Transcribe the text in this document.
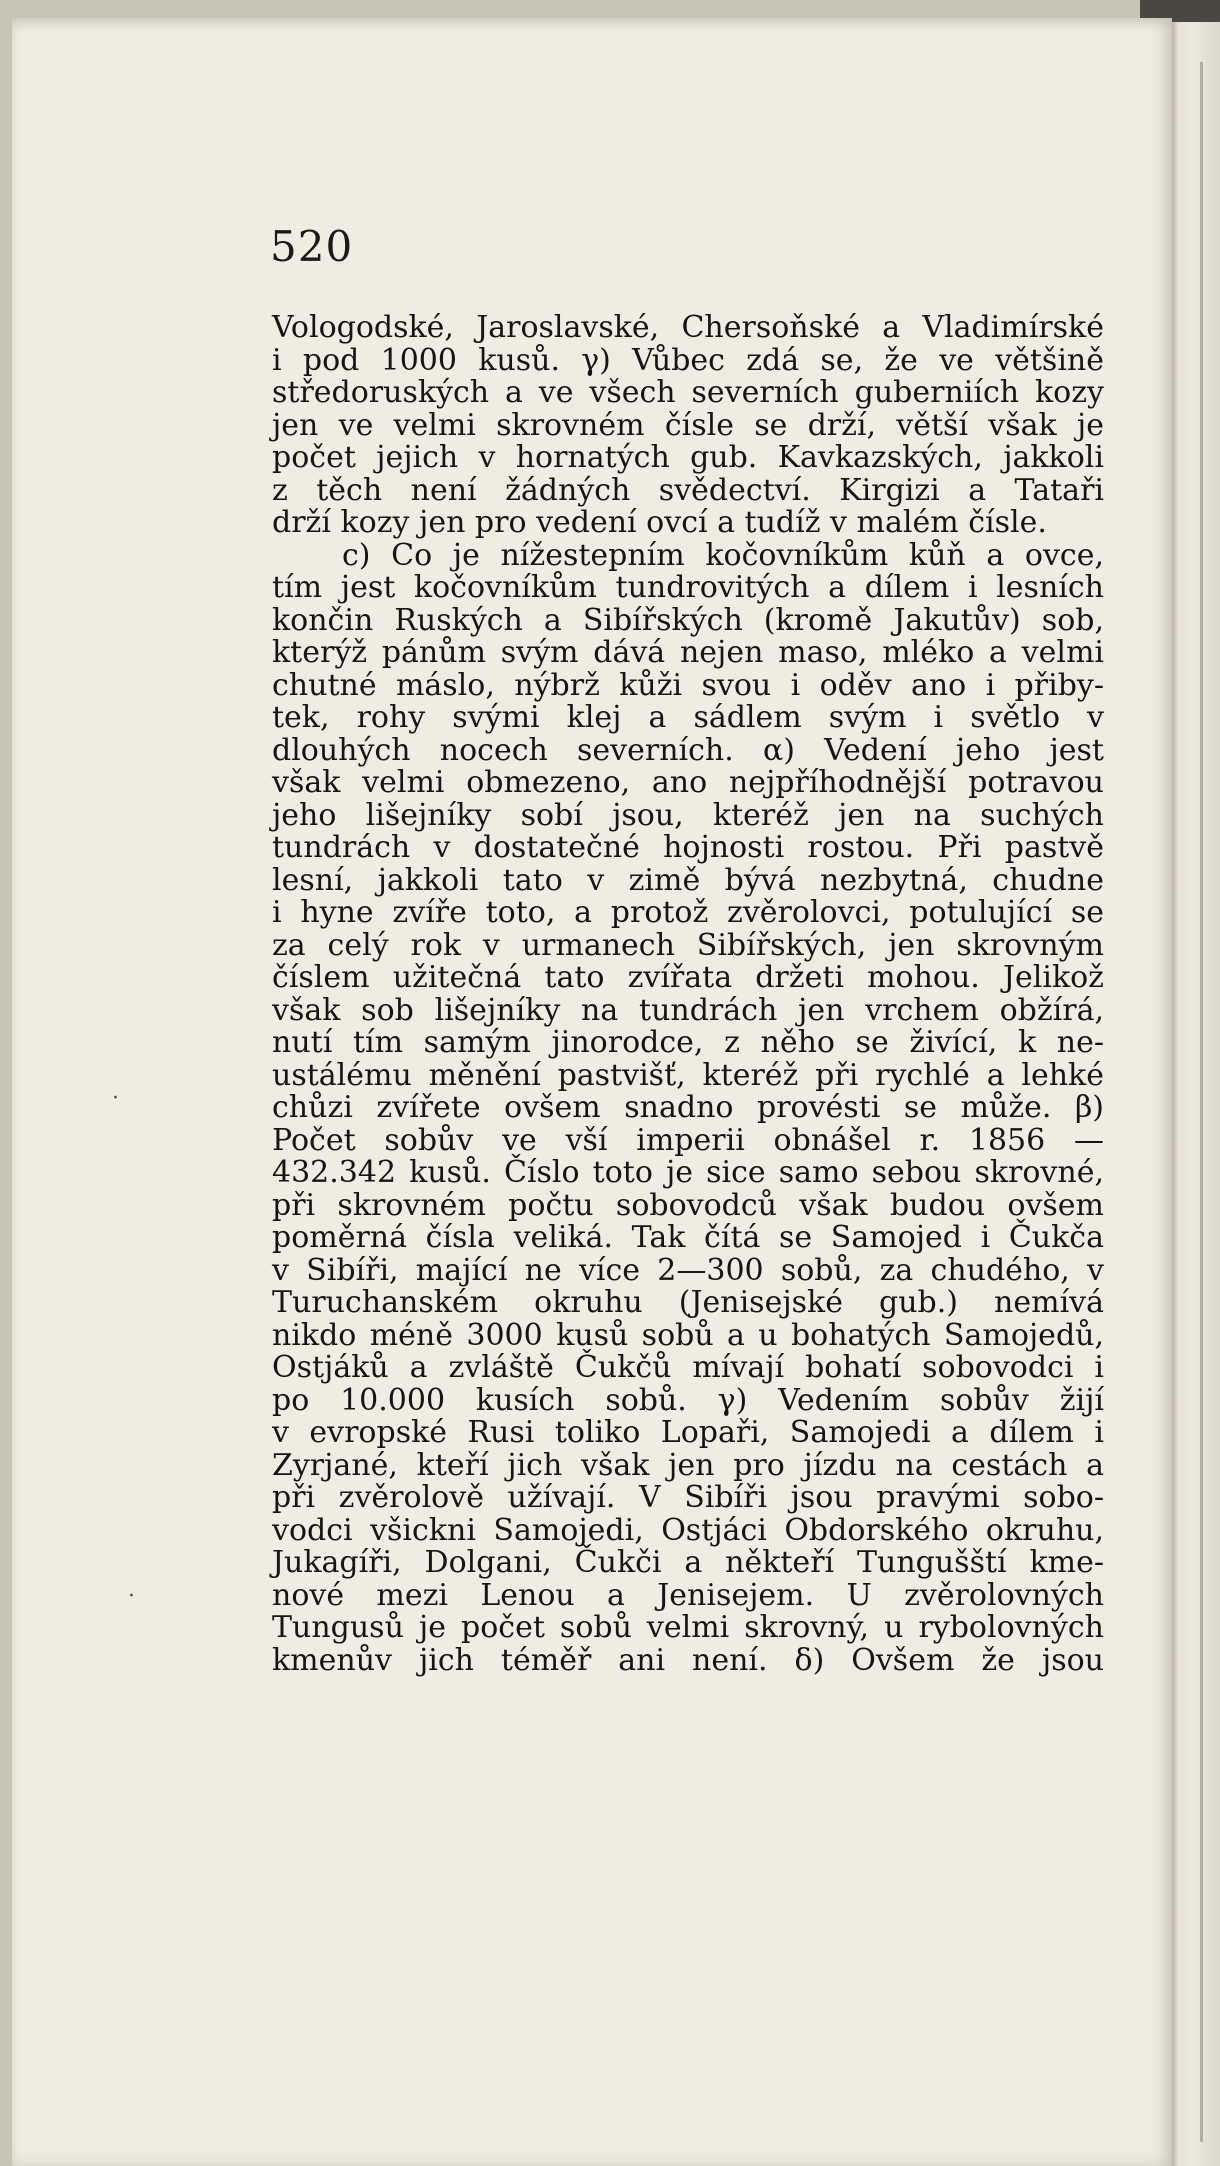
520
Vologodské, Jaroslavské, Chersoňské a Vladimírské
i pod 1000 kusů. γ) Vůbec zdá se, že ve většině
středoruských a ve všech severních guberniích kozy
jen ve velmi skrovném čísle se drží, větší však je
počet jejich v hornatých gub. Kavkazských, jakkoli
z těch není žádných svědectví. Kirgizi a Tataři
drží kozy jen pro vedení ovcí a tudíž v malém čísle.
c) Co je nížestepním kočovníkům kůň a ovce,
tím jest kočovníkům tundrovitých a dílem i lesních
končin Ruských a Sibířských (kromě Jakutův) sob,
kterýž pánům svým dává nejen maso, mléko a velmi
chutné máslo, nýbrž kůži svou i oděv ano i přiby-
tek, rohy svými klej a sádlem svým i světlo v
dlouhých nocech severních. α) Vedení jeho jest
však velmi obmezeno, ano nejpříhodnější potravou
jeho lišejníky sobí jsou, kteréž jen na suchých
tundrách v dostatečné hojnosti rostou. Při pastvě
lesní, jakkoli tato v zimě bývá nezbytná, chudne
i hyne zvíře toto, a protož zvěrolovci, potulující se
za celý rok v urmanech Sibířských, jen skrovným
číslem užitečná tato zvířata držeti mohou. Jelikož
však sob lišejníky na tundrách jen vrchem obžírá,
nutí tím samým jinorodce, z něho se živící, k ne-
ustálému měnění pastvišť, kteréž při rychlé a lehké
chůzi zvířete ovšem snadno provésti se může. β)
Počet sobův ve vší imperii obnášel r. 1856 —
432.342 kusů. Číslo toto je sice samo sebou skrovné,
při skrovném počtu sobovodců však budou ovšem
poměrná čísla veliká. Tak čítá se Samojed i Čukča
v Sibíři, mající ne více 2—300 sobů, za chudého, v
Turuchanském okruhu (Jenisejské gub.) nemívá
nikdo méně 3000 kusů sobů a u bohatých Samojedů,
Ostjáků a zvláště Čukčů mívají bohatí sobovodci i
po 10.000 kusích sobů. γ) Vedením sobův žijí
v evropské Rusi toliko Lopaři, Samojedi a dílem i
Zyrjané, kteří jich však jen pro jízdu na cestách a
při zvěrolově užívají. V Sibíři jsou pravými sobo-
vodci všickni Samojedi, Ostjáci Obdorského okruhu,
Jukagíři, Dolgani, Čukči a někteří Tungušští kme-
nové mezi Lenou a Jenisejem. U zvěrolovných
Tungusů je počet sobů velmi skrovný, u rybolovných
kmenův jich téměř ani není. δ) Ovšem že jsou
·
·
